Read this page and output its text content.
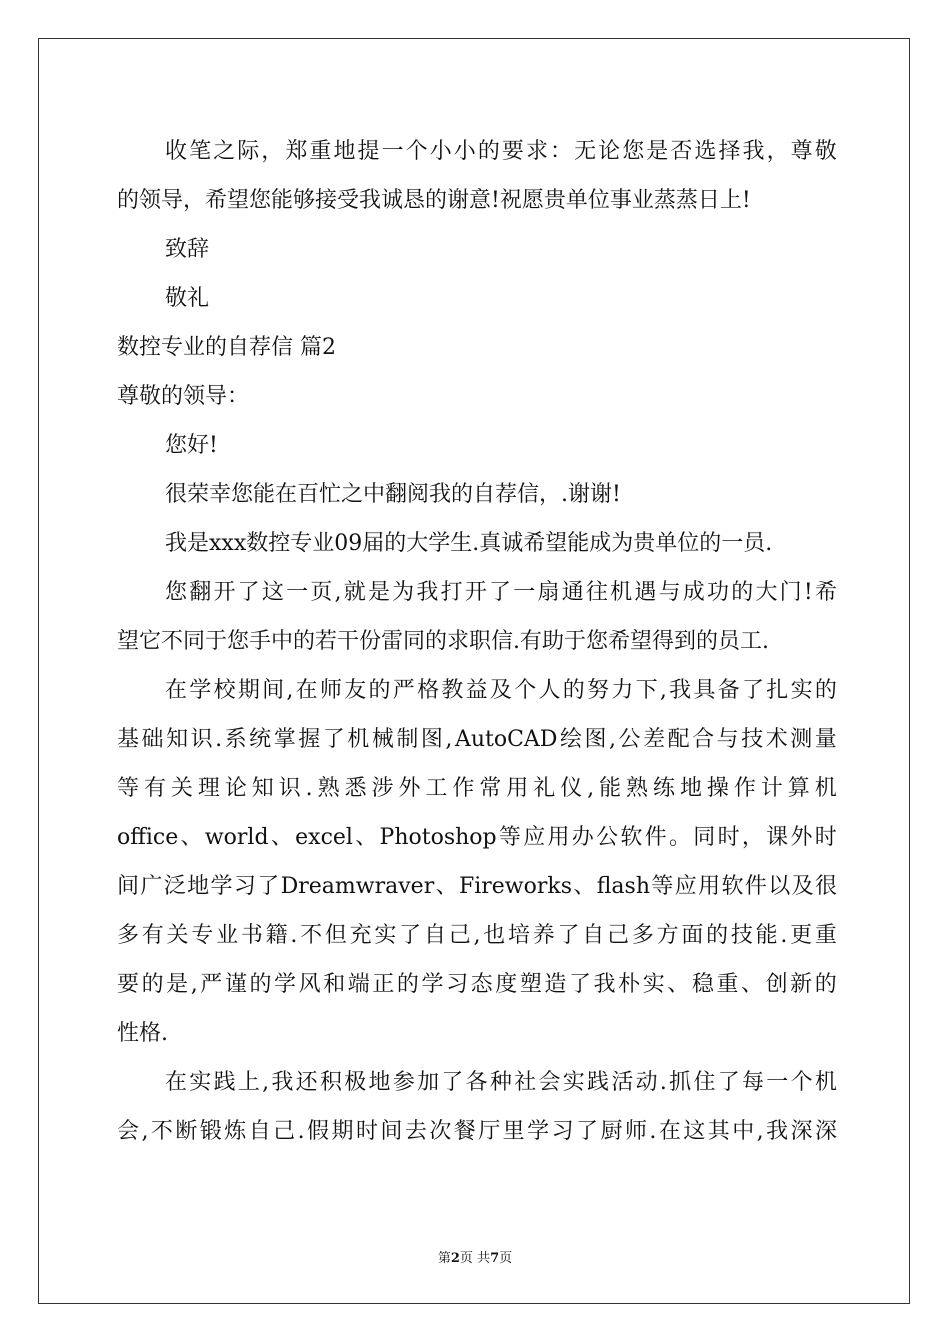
收 笔 之 际 ， 郑 重 地 提 一 个 小 小 的 要 求 ： 无 论 您 是 否 选 择 我 ， 尊 敬

的领导，希望您能够接受我诚恳的谢意!祝愿贵单位事业蒸蒸日上!

致辞

敬礼

数控专业的自荐信 篇2

尊敬的领导：

您好!

很荣幸您能在百忙之中翻阅我的自荐信，.谢谢!

我是xxx数控专业09届的大学生.真诚希望能成为贵单位的一员.

您 翻 开 了 这 一 页 , 就 是 为 我 打 开 了 一 扇 通 往 机 遇 与 成 功 的 大 门 ! 希

望它不同于您手中的若干份雷同的求职信.有助于您希望得到的员工.

在 学 校 期 间 , 在 师 友 的 严 格 教 益 及 个 人 的 努 力 下 , 我 具 备 了 扎 实 的

基 础 知 识 . 系 统 掌 握 了 机 械 制 图 , AutoCAD 绘 图 , 公 差 配 合 与 技 术 测 量

等 有 关 理 论 知 识 . 熟 悉 涉 外 工 作 常 用 礼 仪 , 能 熟 练 地 操 作 计 算 机

office 、 world 、 excel 、 Photoshop 等 应 用 办 公 软 件 。 同 时 ， 课 外 时

间 广 泛 地 学 习 了 Dreamwraver 、 Fireworks 、 flash 等 应 用 软 件 以 及 很

多 有 关 专 业 书 籍 . 不 但 充 实 了 自 己 , 也 培 养 了 自 己 多 方 面 的 技 能 . 更 重

要 的 是 , 严 谨 的 学 风 和 端 正 的 学 习 态 度 塑 造 了 我 朴 实 、 稳 重 、 创 新 的

性格.

在 实 践 上 , 我 还 积 极 地 参 加 了 各 种 社 会 实 践 活 动 . 抓 住 了 每 一 个 机

会 , 不 断 锻 炼 自 己 . 假 期 时 间 去 次 餐 厅 里 学 习 了 厨 师 . 在 这 其 中 , 我 深 深

第2页 共7页
